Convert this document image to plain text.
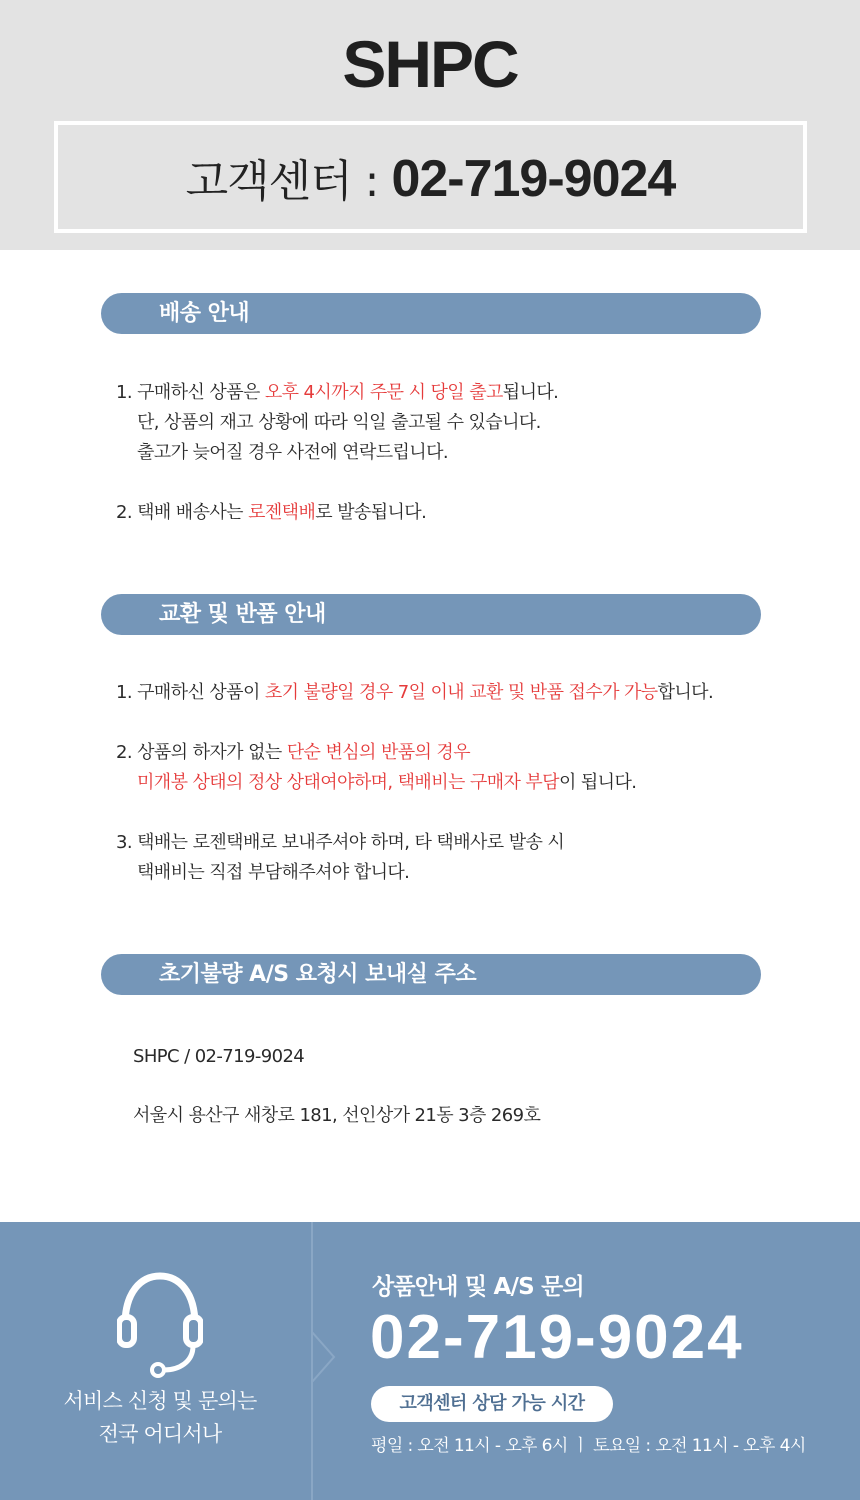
SHPC
고객센터 : 02-719-9024
배송 안내
1. 구매하신 상품은 오후 4시까지 주문 시 당일 출고됩니다.
단, 상품의 재고 상황에 따라 익일 출고될 수 있습니다.
출고가 늦어질 경우 사전에 연락드립니다.
2. 택배 배송사는 로젠택배로 발송됩니다.
교환 및 반품 안내
1. 구매하신 상품이 초기 불량일 경우 7일 이내 교환 및 반품 접수가 가능합니다.
2. 상품의 하자가 없는 단순 변심의 반품의 경우
미개봉 상태의 정상 상태여야하며, 택배비는 구매자 부담이 됩니다.
3. 택배는 로젠택배로 보내주셔야 하며, 타 택배사로 발송 시
택배비는 직접 부담해주셔야 합니다.
초기불량 A/S 요청시 보내실 주소
SHPC / 02-719-9024
서울시 용산구 새창로 181, 선인상가 21동 3층 269호
서비스 신청 및 문의는
전국 어디서나
상품안내 및 A/S 문의
02-719-9024
고객센터 상담 가능 시간
평일 : 오전 11시 - 오후 6시 ㅣ 토요일 : 오전 11시 - 오후 4시
